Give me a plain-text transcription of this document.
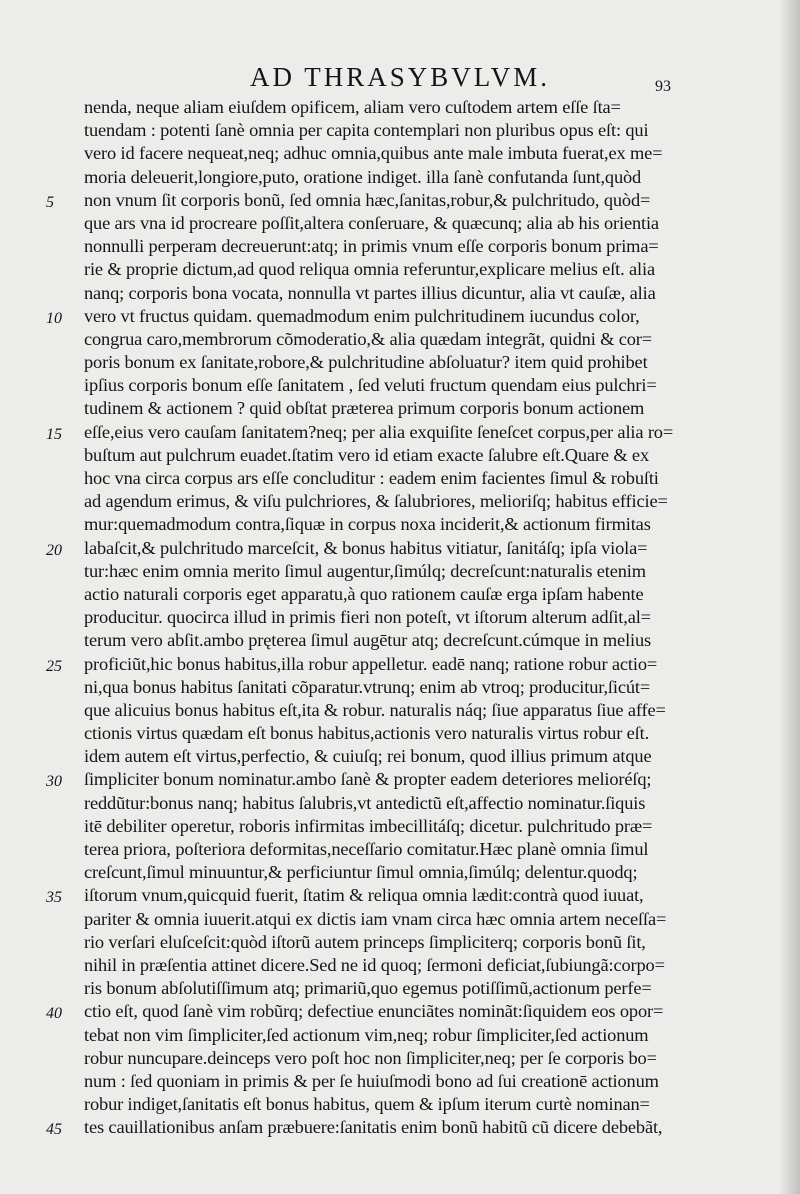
AD THRASYBVLVM.	93
nenda, neque aliam eiuſdem opificem, aliam vero cuſtodem artem eſſe ſta=
tuendam : potenti ſanè omnia per capita contemplari non pluribus opus eſt: qui
vero id facere nequeat,neq; adhuc omnia,quibus ante male imbuta fuerat,ex me=
moria deleuerit,longiore,puto, oratione indiget. illa ſanè confutanda ſunt,quòd
5 non vnum ſit corporis bonũ, ſed omnia hæc,ſanitas,robur,& pulchritudo, quòd=
que ars vna id procreare poſſit,altera conſeruare, & quæcunq; alia ab his orientia
nonnulli perperam decreuerunt:atq; in primis vnum eſſe corporis bonum prima=
rie & proprie dictum,ad quod reliqua omnia referuntur,explicare melius eſt. alia
nanq; corporis bona vocata, nonnulla vt partes illius dicuntur, alia vt cauſæ, alia
10 vero vt fructus quidam. quemadmodum enim pulchritudinem iucundus color,
congrua caro,membrorum cõmoderatio,& alia quædam integrãt, quidni & cor=
poris bonum ex ſanitate,robore,& pulchritudine abſoluatur? item quid prohibet
ipſius corporis bonum eſſe ſanitatem , ſed veluti fructum quendam eius pulchri=
tudinem & actionem ? quid obſtat præterea primum corporis bonum actionem
15 eſſe,eius vero cauſam ſanitatem?neq; per alia exquiſite ſeneſcet corpus,per alia ro=
buſtum aut pulchrum euadet.ſtatim vero id etiam exacte ſalubre eſt.Quare & ex
hoc vna circa corpus ars eſſe concluditur : eadem enim facientes ſimul & robuſti
ad agendum erimus, & viſu pulchriores, & ſalubriores, melioriſq; habitus efficie=
mur:quemadmodum contra,ſiquæ in corpus noxa inciderit,& actionum firmitas
20 labaſcit,& pulchritudo marceſcit, & bonus habitus vitiatur, ſanitáſq; ipſa viola=
tur:hæc enim omnia merito ſimul augentur,ſimúlq; decreſcunt:naturalis etenim
actio naturali corporis eget apparatu,à quo rationem cauſæ erga ipſam habente
producitur. quocirca illud in primis fieri non poteſt, vt iſtorum alterum adſit,al=
terum vero abſit.ambo pręterea ſimul augētur atq; decreſcunt.cúmque in melius
25 proficiũt,hic bonus habitus,illa robur appelletur. eadē nanq; ratione robur actio=
ni,qua bonus habitus ſanitati cõparatur.vtrunq; enim ab vtroq; producitur,ſicút=
que alicuius bonus habitus eſt,ita & robur. naturalis náq; ſiue apparatus ſiue affe=
ctionis virtus quædam eſt bonus habitus,actionis vero naturalis virtus robur eſt.
idem autem eſt virtus,perfectio, & cuiuſq; rei bonum, quod illius primum atque
30 ſimpliciter bonum nominatur.ambo ſanè & propter eadem deteriores melioréſq;
reddũtur:bonus nanq; habitus ſalubris,vt antedictũ eſt,affectio nominatur.ſiquis
itē debiliter operetur, roboris infirmitas imbecillitáſq; dicetur. pulchritudo præ=
terea priora, poſteriora deformitas,neceſſario comitatur.Hæc planè omnia ſimul
creſcunt,ſimul minuuntur,& perficiuntur ſimul omnia,ſimúlq; delentur.quodq;
35 iſtorum vnum,quicquid fuerit, ſtatim & reliqua omnia lædit:contrà quod iuuat,
pariter & omnia iuuerit.atqui ex dictis iam vnam circa hæc omnia artem neceſſa=
rio verſari eluſceſcit:quòd iſtorũ autem princeps ſimpliciterq; corporis bonũ ſit,
nihil in præſentia attinet dicere.Sed ne id quoq; ſermoni deficiat,ſubiungã:corpo=
ris bonum abſolutiſſimum atq; primariũ,quo egemus potiſſimũ,actionum perfe=
40 ctio eſt, quod ſanè vim robũrq; defectiue enunciãtes nominãt:ſiquidem eos opor=
tebat non vim ſimpliciter,ſed actionum vim,neq; robur ſimpliciter,ſed actionum
robur nuncupare.deinceps vero poſt hoc non ſimpliciter,neq; per ſe corporis bo=
num : ſed quoniam in primis & per ſe huiuſmodi bono ad ſui creationē actionum
robur indiget,ſanitatis eſt bonus habitus, quem & ipſum iterum curtè nominan=
45 tes cauillationibus anſam præbuere:ſanitatis enim bonũ habitũ cũ dicere debebãt,
